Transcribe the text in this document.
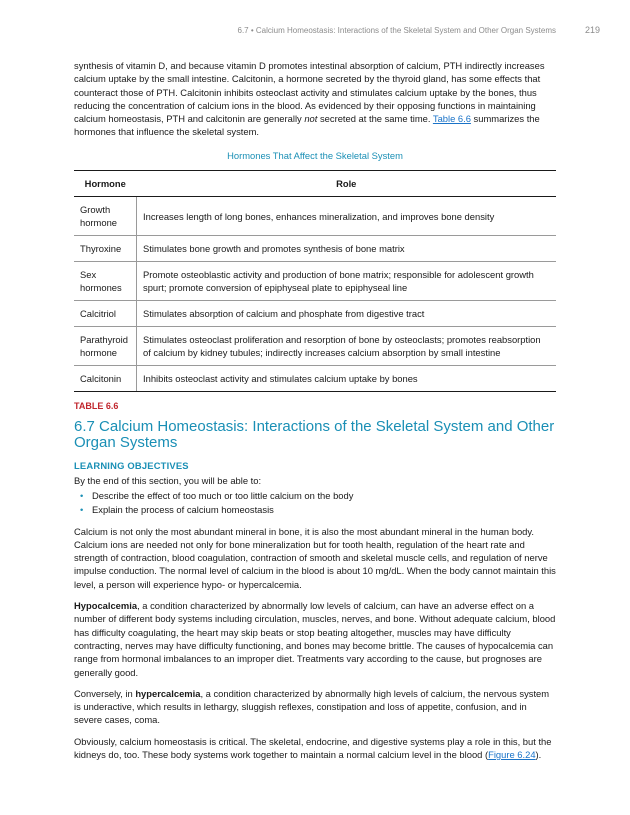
6.7 • Calcium Homeostasis: Interactions of the Skeletal System and Other Organ Systems	219

synthesis of vitamin D, and because vitamin D promotes intestinal absorption of calcium, PTH indirectly increases calcium uptake by the small intestine. Calcitonin, a hormone secreted by the thyroid gland, has some effects that counteract those of PTH. Calcitonin inhibits osteoclast activity and stimulates calcium uptake by the bones, thus reducing the concentration of calcium ions in the blood. As evidenced by their opposing functions in maintaining calcium homeostasis, PTH and calcitonin are generally not secreted at the same time. Table 6.6 summarizes the hormones that influence the skeletal system.

Hormones That Affect the Skeletal System
Hormone	Role
Growth hormone	Increases length of long bones, enhances mineralization, and improves bone density
Thyroxine	Stimulates bone growth and promotes synthesis of bone matrix
Sex hormones	Promote osteoblastic activity and production of bone matrix; responsible for adolescent growth spurt; promote conversion of epiphyseal plate to epiphyseal line
Calcitriol	Stimulates absorption of calcium and phosphate from digestive tract
Parathyroid hormone	Stimulates osteoclast proliferation and resorption of bone by osteoclasts; promotes reabsorption of calcium by kidney tubules; indirectly increases calcium absorption by small intestine
Calcitonin	Inhibits osteoclast activity and stimulates calcium uptake by bones
TABLE 6.6
6.7 Calcium Homeostasis: Interactions of the Skeletal System and Other Organ Systems
LEARNING OBJECTIVES

By the end of this section, you will be able to:

• Describe the effect of too much or too little calcium on the body
• Explain the process of calcium homeostasis

Calcium is not only the most abundant mineral in bone, it is also the most abundant mineral in the human body. Calcium ions are needed not only for bone mineralization but for tooth health, regulation of the heart rate and strength of contraction, blood coagulation, contraction of smooth and skeletal muscle cells, and regulation of nerve impulse conduction. The normal level of calcium in the blood is about 10 mg/dL. When the body cannot maintain this level, a person will experience hypo- or hypercalcemia.

Hypocalcemia, a condition characterized by abnormally low levels of calcium, can have an adverse effect on a number of different body systems including circulation, muscles, nerves, and bone. Without adequate calcium, blood has difficulty coagulating, the heart may skip beats or stop beating altogether, muscles may have difficulty contracting, nerves may have difficulty functioning, and bones may become brittle. The causes of hypocalcemia can range from hormonal imbalances to an improper diet. Treatments vary according to the cause, but prognoses are generally good.

Conversely, in hypercalcemia, a condition characterized by abnormally high levels of calcium, the nervous system is underactive, which results in lethargy, sluggish reflexes, constipation and loss of appetite, confusion, and in severe cases, coma.

Obviously, calcium homeostasis is critical. The skeletal, endocrine, and digestive systems play a role in this, but the kidneys do, too. These body systems work together to maintain a normal calcium level in the blood (Figure 6.24).
